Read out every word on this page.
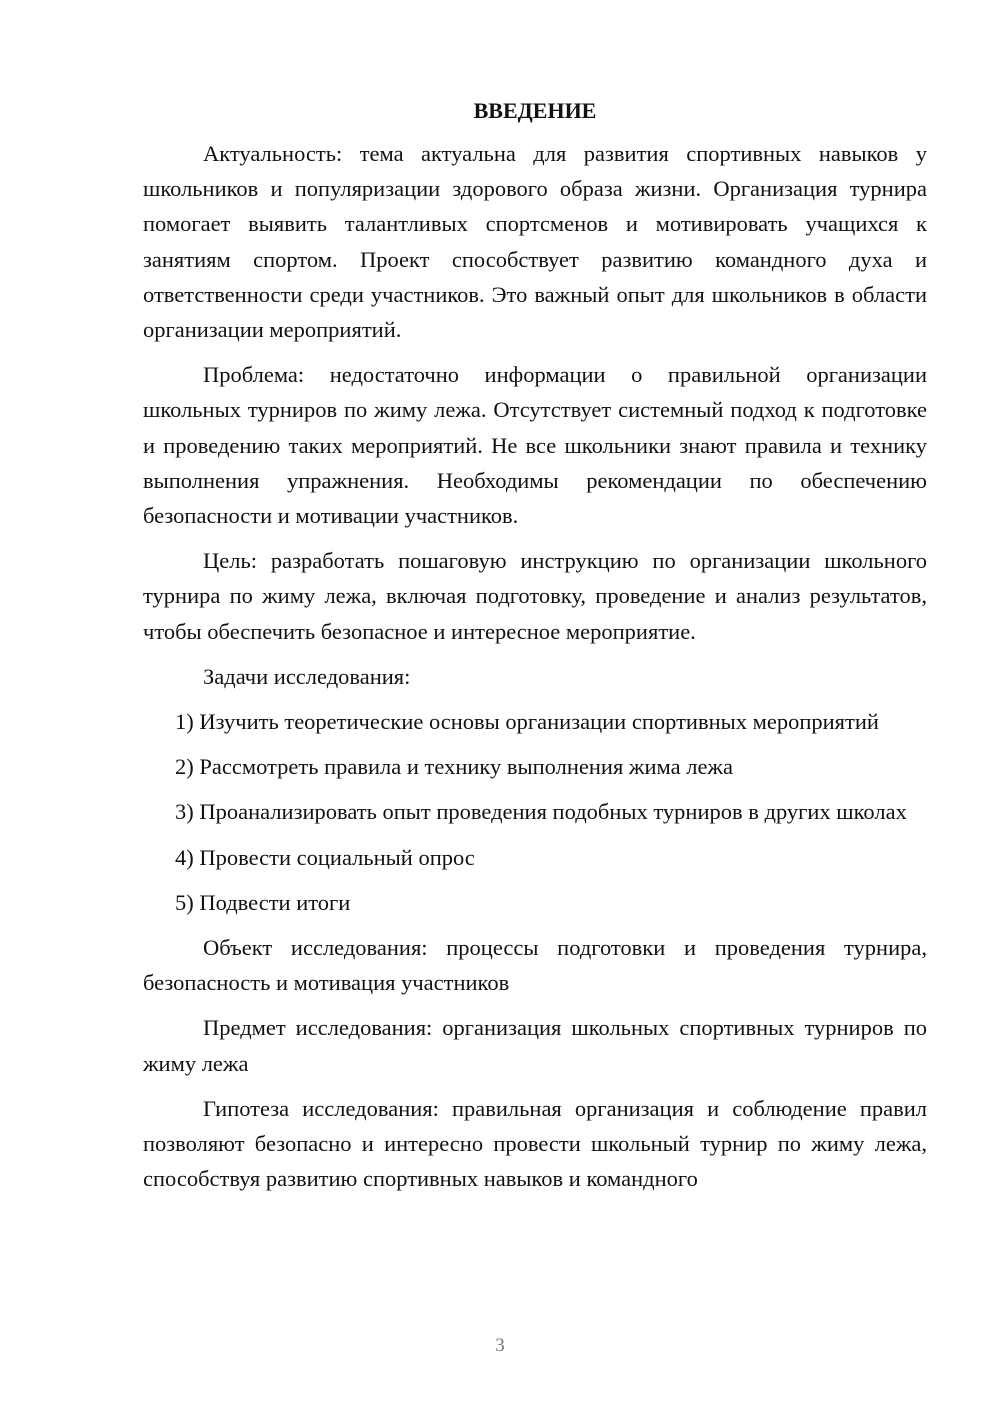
ВВЕДЕНИЕ

Актуальность: тема актуальна для развития спортивных навыков у школьников и популяризации здорового образа жизни. Организация турнира помогает выявить талантливых спортсменов и мотивировать учащихся к занятиям спортом. Проект способствует развитию командного духа и ответственности среди участников. Это важный опыт для школьников в области организации мероприятий.

Проблема: недостаточно информации о правильной организации школьных турниров по жиму лежа. Отсутствует системный подход к подготовке и проведению таких мероприятий. Не все школьники знают правила и технику выполнения упражнения. Необходимы рекомендации по обеспечению безопасности и мотивации участников.

Цель: разработать пошаговую инструкцию по организации школьного турнира по жиму лежа, включая подготовку, проведение и анализ результатов, чтобы обеспечить безопасное и интересное мероприятие.

Задачи исследования:

1) Изучить теоретические основы организации спортивных мероприятий

2) Рассмотреть правила и технику выполнения жима лежа

3) Проанализировать опыт проведения подобных турниров в других школах

4) Провести социальный опрос

5) Подвести итоги

Объект исследования: процессы подготовки и проведения турнира, безопасность и мотивация участников

Предмет исследования: организация школьных спортивных турниров по жиму лежа

Гипотеза исследования: правильная организация и соблюдение правил позволяют безопасно и интересно провести школьный турнир по жиму лежа, способствуя развитию спортивных навыков и командного

3
